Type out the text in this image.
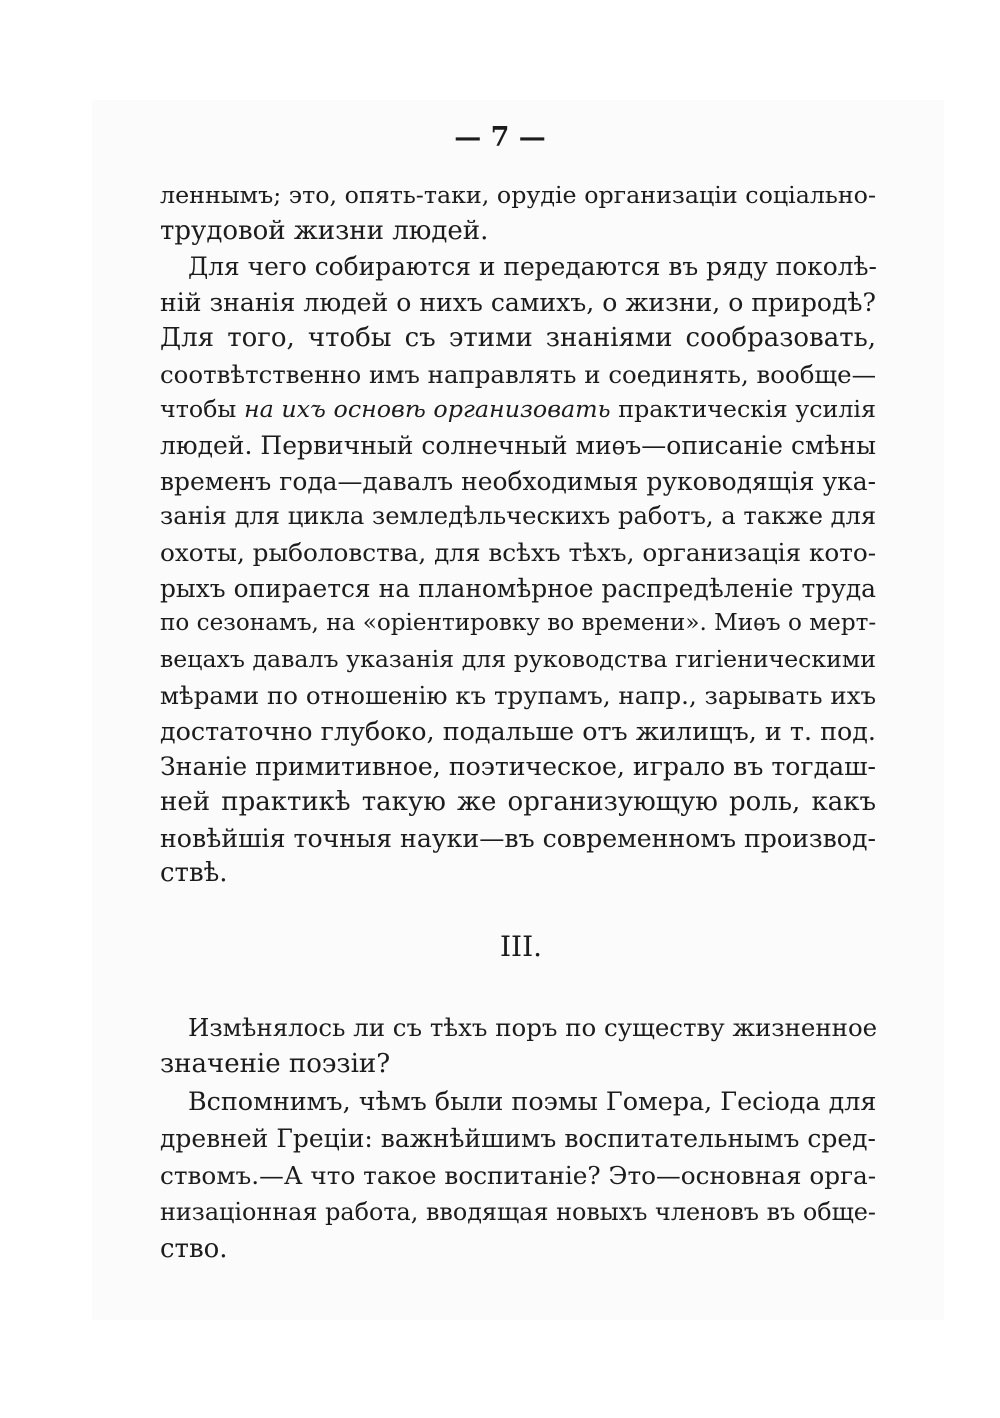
— 7 —
леннымъ; это, опять-таки, орудіе организаціи соціально-
трудовой жизни людей.
Для чего собираются и передаются въ ряду поколѣ-
ній знанія людей о нихъ самихъ, о жизни, о природѣ?
Для того, чтобы съ этими знаніями сообразовать,
соотвѣтственно имъ направлять и соединять, вообще—
чтобы на ихъ основѣ организовать практическія усилія
людей. Первичный солнечный миѳъ—описаніе смѣны
временъ года—давалъ необходимыя руководящія ука-
занія для цикла земледѣльческихъ работъ, а также для
охоты, рыболовства, для всѣхъ тѣхъ, организація кото-
рыхъ опирается на планомѣрное распредѣленіе труда
по сезонамъ, на «оріентировку во времени». Миѳъ о мерт-
вецахъ давалъ указанія для руководства гигіеническими
мѣрами по отношенію къ трупамъ, напр., зарывать ихъ
достаточно глубоко, подальше отъ жилищъ, и т. под.
Знаніе примитивное, поэтическое, играло въ тогдаш-
ней практикѣ такую же организующую роль, какъ
новѣйшія точныя науки—въ современномъ производ-
ствѣ.
III.
Измѣнялось ли съ тѣхъ поръ по существу жизненное
значеніе поэзіи?
Вспомнимъ, чѣмъ были поэмы Гомера, Гесіода для
древней Греціи: важнѣйшимъ воспитательнымъ сред-
ствомъ.—А что такое воспитаніе? Это—основная орга-
низаціонная работа, вводящая новыхъ членовъ въ обще-
ство.
